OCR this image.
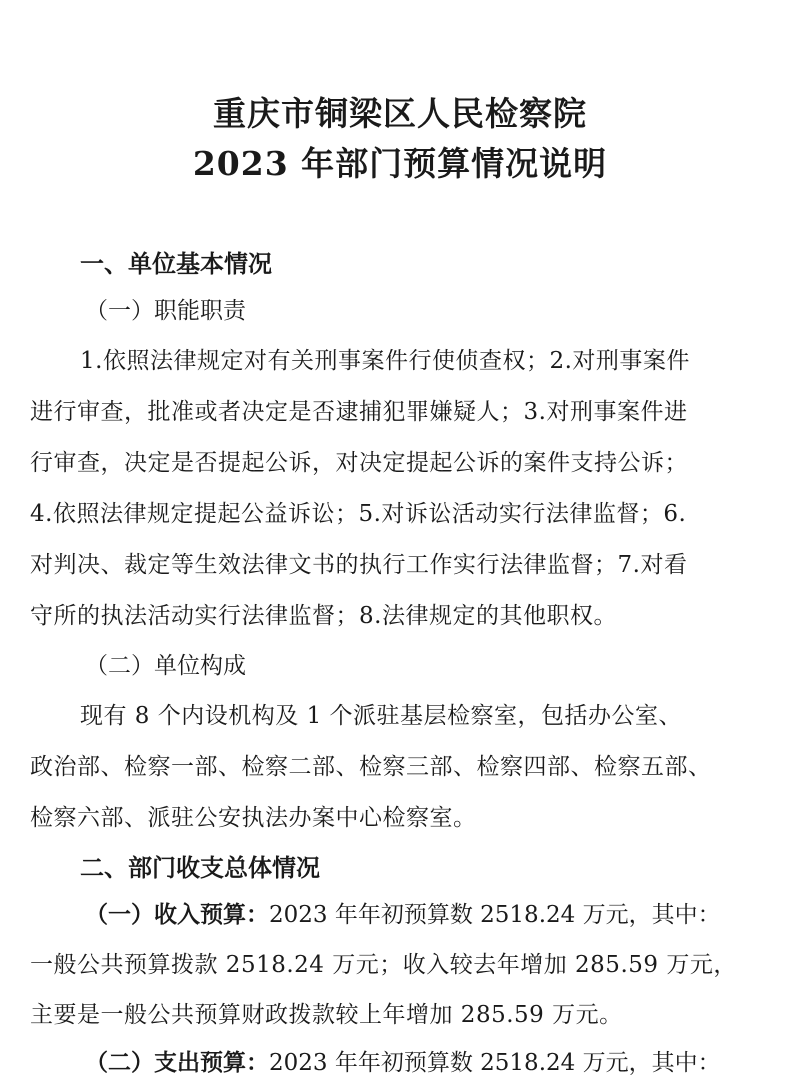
重庆市铜梁区人民检察院
2023 年部门预算情况说明
一、单位基本情况
（一）职能职责
1.依照法律规定对有关刑事案件行使侦查权；2.对刑事案件
进行审查，批准或者决定是否逮捕犯罪嫌疑人；3.对刑事案件进
行审查，决定是否提起公诉，对决定提起公诉的案件支持公诉；
4.依照法律规定提起公益诉讼；5.对诉讼活动实行法律监督；6.
对判决、裁定等生效法律文书的执行工作实行法律监督；7.对看
守所的执法活动实行法律监督；8.法律规定的其他职权。
（二）单位构成
现有 8 个内设机构及 1 个派驻基层检察室，包括办公室、
政治部、检察一部、检察二部、检察三部、检察四部、检察五部、
检察六部、派驻公安执法办案中心检察室。
二、部门收支总体情况
（一）收入预算：2023 年年初预算数 2518.24 万元，其中：
一般公共预算拨款 2518.24 万元；收入较去年增加 285.59 万元，
主要是一般公共预算财政拨款较上年增加 285.59 万元。
（二）支出预算：2023 年年初预算数 2518.24 万元，其中：
